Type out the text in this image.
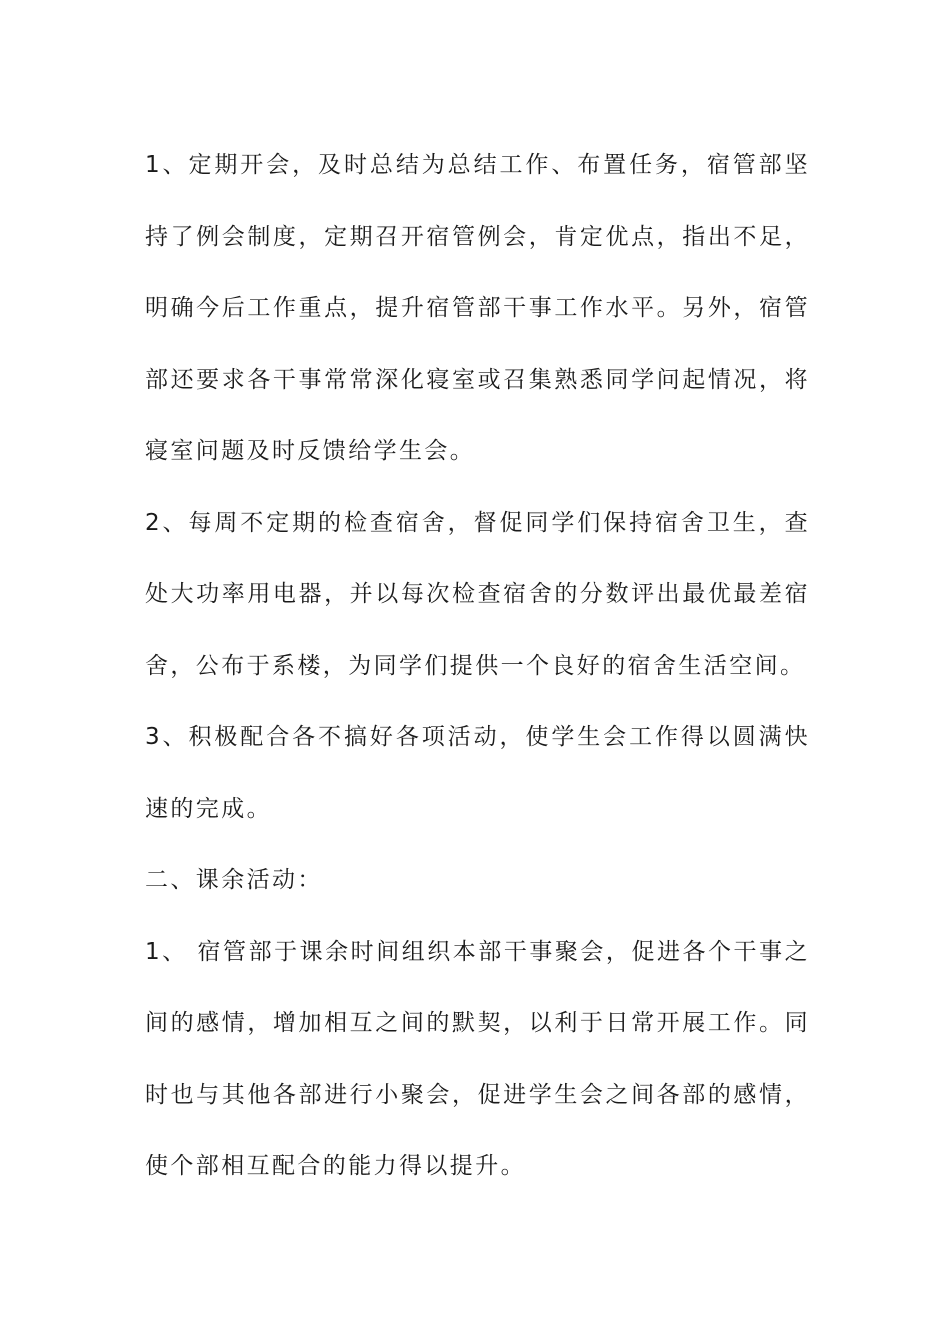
1、定期开会，及时总结为总结工作、布置任务，宿管部坚持了例会制度，定期召开宿管例会，肯定优点，指出不足，明确今后工作重点，提升宿管部干事工作水平。另外，宿管部还要求各干事常常深化寝室或召集熟悉同学问起情况，将寝室问题及时反馈给学生会。

2、每周不定期的检查宿舍，督促同学们保持宿舍卫生，查处大功率用电器，并以每次检查宿舍的分数评出最优最差宿舍，公布于系楼，为同学们提供一个良好的宿舍生活空间。

3、积极配合各不搞好各项活动，使学生会工作得以圆满快速的完成。

二、课余活动：

1、 宿管部于课余时间组织本部干事聚会，促进各个干事之间的感情，增加相互之间的默契，以利于日常开展工作。同时也与其他各部进行小聚会，促进学生会之间各部的感情，使个部相互配合的能力得以提升。
